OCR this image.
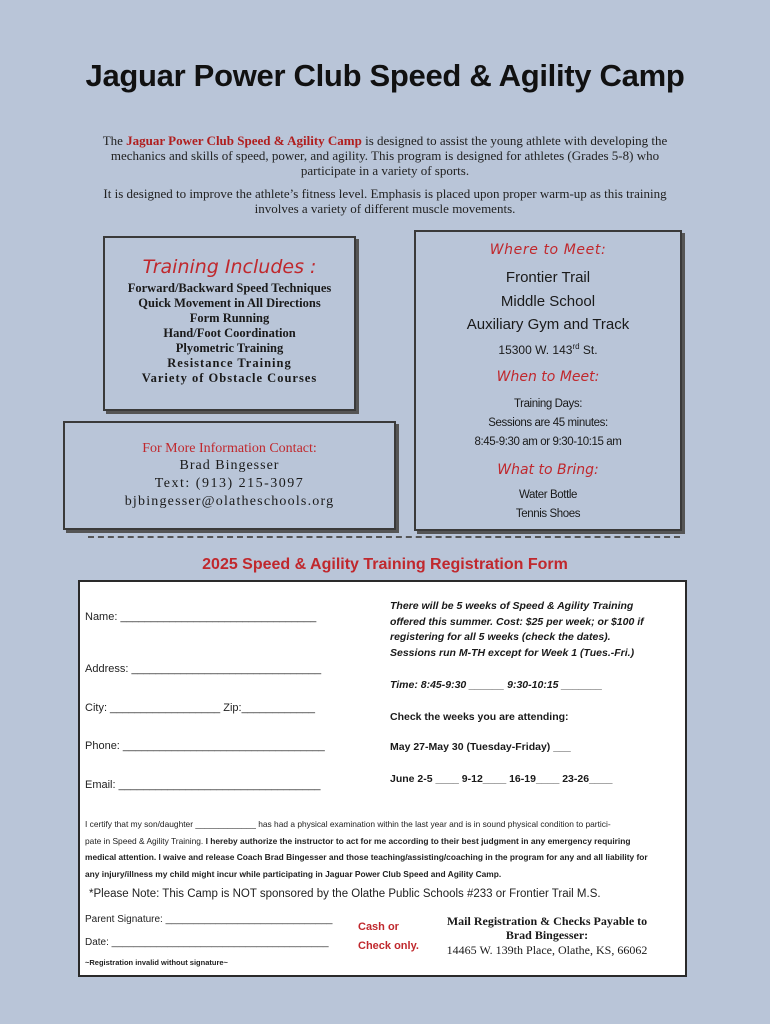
Jaguar Power Club Speed & Agility Camp
The Jaguar Power Club Speed & Agility Camp is designed to assist the young athlete with developing the mechanics and skills of speed, power, and agility. This program is designed for athletes (Grades 5-8) who participate in a variety of sports.
It is designed to improve the athlete’s fitness level. Emphasis is placed upon proper warm-up as this training involves a variety of different muscle movements.
Training Includes :
Forward/Backward Speed Techniques
Quick Movement in All Directions
Form Running
Hand/Foot Coordination
Plyometric Training
Resistance Training
Variety of Obstacle Courses
For More Information Contact:
Brad Bingesser
Text: (913) 215-3097
bjbingesser@olatheschools.org
Where to Meet:
Frontier Trail
Middle School
Auxiliary Gym and Track
15300 W. 143rd St.
When to Meet:
Training Days:
Sessions are 45 minutes:
8:45-9:30 am or 9:30-10:15 am
What to Bring:
Water Bottle
Tennis Shoes
2025 Speed & Agility Training Registration Form
Name: ________________________________
Address: _______________________________
City: __________________ Zip:____________
Phone: _________________________________
Email: _________________________________
There will be 5 weeks of Speed & Agility Training
offered this summer. Cost: $25 per week; or $100 if
registering for all 5 weeks (check the dates).
Sessions run M-TH except for Week 1 (Tues.-Fri.)
Time: 8:45-9:30 ______ 9:30-10:15 _______
Check the weeks you are attending:
May 27-May 30 (Tuesday-Friday) ___
June 2-5 ____ 9-12____ 16-19____ 23-26____
I certify that my son/daughter _____________ has had a physical examination within the last year and is in sound physical condition to partici-
pate in Speed & Agility Training. I hereby authorize the instructor to act for me according to their best judgment in any emergency requiring
medical attention. I waive and release Coach Brad Bingesser and those teaching/assisting/coaching in the program for any and all liability for
any injury/illness my child might incur while participating in Jaguar Power Club Speed and Agility Camp.
*Please Note: This Camp is NOT sponsored by the Olathe Public Schools #233 or Frontier Trail M.S.
Parent Signature: ______________________________
Date: _______________________________________
~Registration invalid without signature~
Cash or
Check only.
Mail Registration & Checks Payable to
Brad Bingesser:
14465 W. 139th Place, Olathe, KS, 66062
